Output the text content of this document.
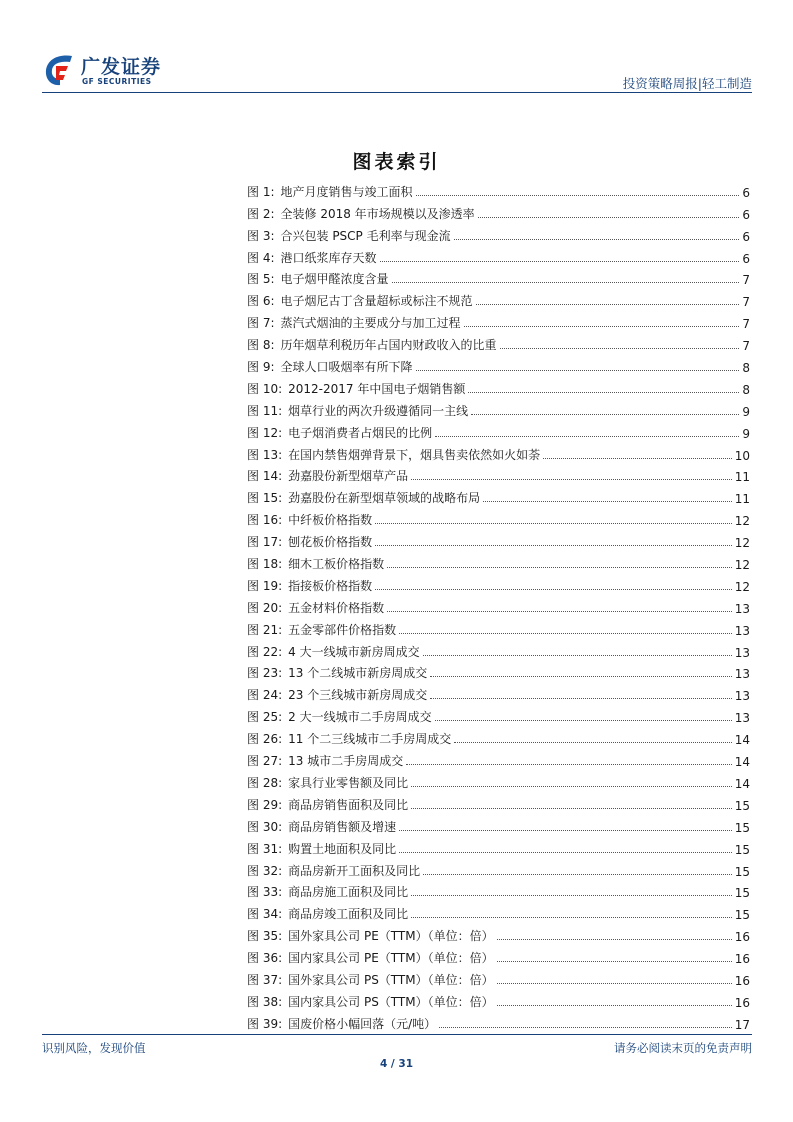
广发证券
GF SECURITIES	投资策略周报|轻工制造
图表索引
图 1: 地产月度销售与竣工面积	6
图 2: 全装修 2018 年市场规模以及渗透率	6
图 3: 合兴包装 PSCP 毛利率与现金流	6
图 4: 港口纸浆库存天数	6
图 5: 电子烟甲醛浓度含量	7
图 6: 电子烟尼古丁含量超标或标注不规范	7
图 7: 蒸汽式烟油的主要成分与加工过程	7
图 8: 历年烟草利税历年占国内财政收入的比重	7
图 9: 全球人口吸烟率有所下降	8
图 10: 2012-2017 年中国电子烟销售额	8
图 11: 烟草行业的两次升级遵循同一主线	9
图 12: 电子烟消费者占烟民的比例	9
图 13: 在国内禁售烟弹背景下，烟具售卖依然如火如荼	10
图 14: 劲嘉股份新型烟草产品	11
图 15: 劲嘉股份在新型烟草领域的战略布局	11
图 16: 中纤板价格指数	12
图 17: 刨花板价格指数	12
图 18: 细木工板价格指数	12
图 19: 指接板价格指数	12
图 20: 五金材料价格指数	13
图 21: 五金零部件价格指数	13
图 22: 4 大一线城市新房周成交	13
图 23: 13 个二线城市新房周成交	13
图 24: 23 个三线城市新房周成交	13
图 25: 2 大一线城市二手房周成交	13
图 26: 11 个二三线城市二手房周成交	14
图 27: 13 城市二手房周成交	14
图 28: 家具行业零售额及同比	14
图 29: 商品房销售面积及同比	15
图 30: 商品房销售额及增速	15
图 31: 购置土地面积及同比	15
图 32: 商品房新开工面积及同比	15
图 33: 商品房施工面积及同比	15
图 34: 商品房竣工面积及同比	15
图 35: 国外家具公司 PE（TTM）（单位：倍）	16
图 36: 国内家具公司 PE（TTM）（单位：倍）	16
图 37: 国外家具公司 PS（TTM）（单位：倍）	16
图 38: 国内家具公司 PS（TTM）（单位：倍）	16
图 39: 国废价格小幅回落（元/吨）	17
识别风险，发现价值	请务必阅读末页的免责声明
4 / 31
